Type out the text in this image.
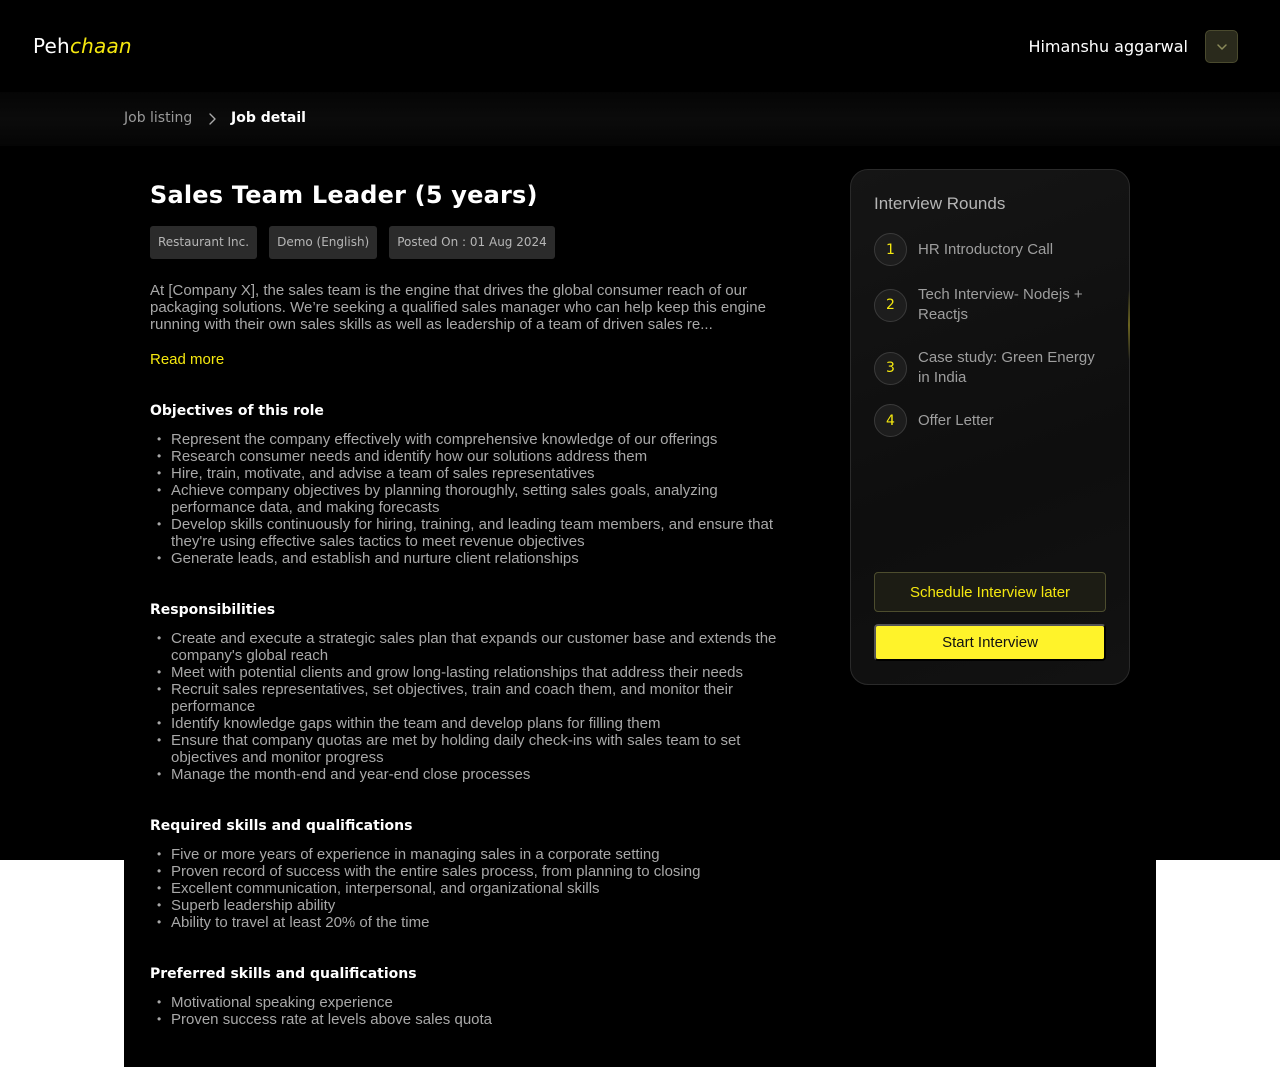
Pehchaan	Himanshu aggarwal
Job listing	Job detail
Sales Team Leader (5 years)
Restaurant Inc.	Demo (English)	Posted On : 01 Aug 2024

At [Company X], the sales team is the engine that drives the global consumer reach of our packaging solutions. We’re seeking a qualified sales manager who can help keep this engine running with their own sales skills as well as leadership of a team of driven sales re...

Read more
Objectives of this role
• Represent the company effectively with comprehensive knowledge of our offerings
• Research consumer needs and identify how our solutions address them
• Hire, train, motivate, and advise a team of sales representatives
• Achieve company objectives by planning thoroughly, setting sales goals, analyzing performance data, and making forecasts
• Develop skills continuously for hiring, training, and leading team members, and ensure that they're using effective sales tactics to meet revenue objectives
• Generate leads, and establish and nurture client relationships
Responsibilities
• Create and execute a strategic sales plan that expands our customer base and extends the company's global reach
• Meet with potential clients and grow long-lasting relationships that address their needs
• Recruit sales representatives, set objectives, train and coach them, and monitor their performance
• Identify knowledge gaps within the team and develop plans for filling them
• Ensure that company quotas are met by holding daily check-ins with sales team to set objectives and monitor progress
• Manage the month-end and year-end close processes
Required skills and qualifications
• Five or more years of experience in managing sales in a corporate setting
• Proven record of success with the entire sales process, from planning to closing
• Excellent communication, interpersonal, and organizational skills
• Superb leadership ability
• Ability to travel at least 20% of the time
Preferred skills and qualifications
• Motivational speaking experience
• Proven success rate at levels above sales quota
Interview Rounds
1	HR Introductory Call
2
Tech Interview- Nodejs + Reactjs
3
Case study: Green Energy in India
4	Offer Letter
Schedule Interview later
Start Interview
